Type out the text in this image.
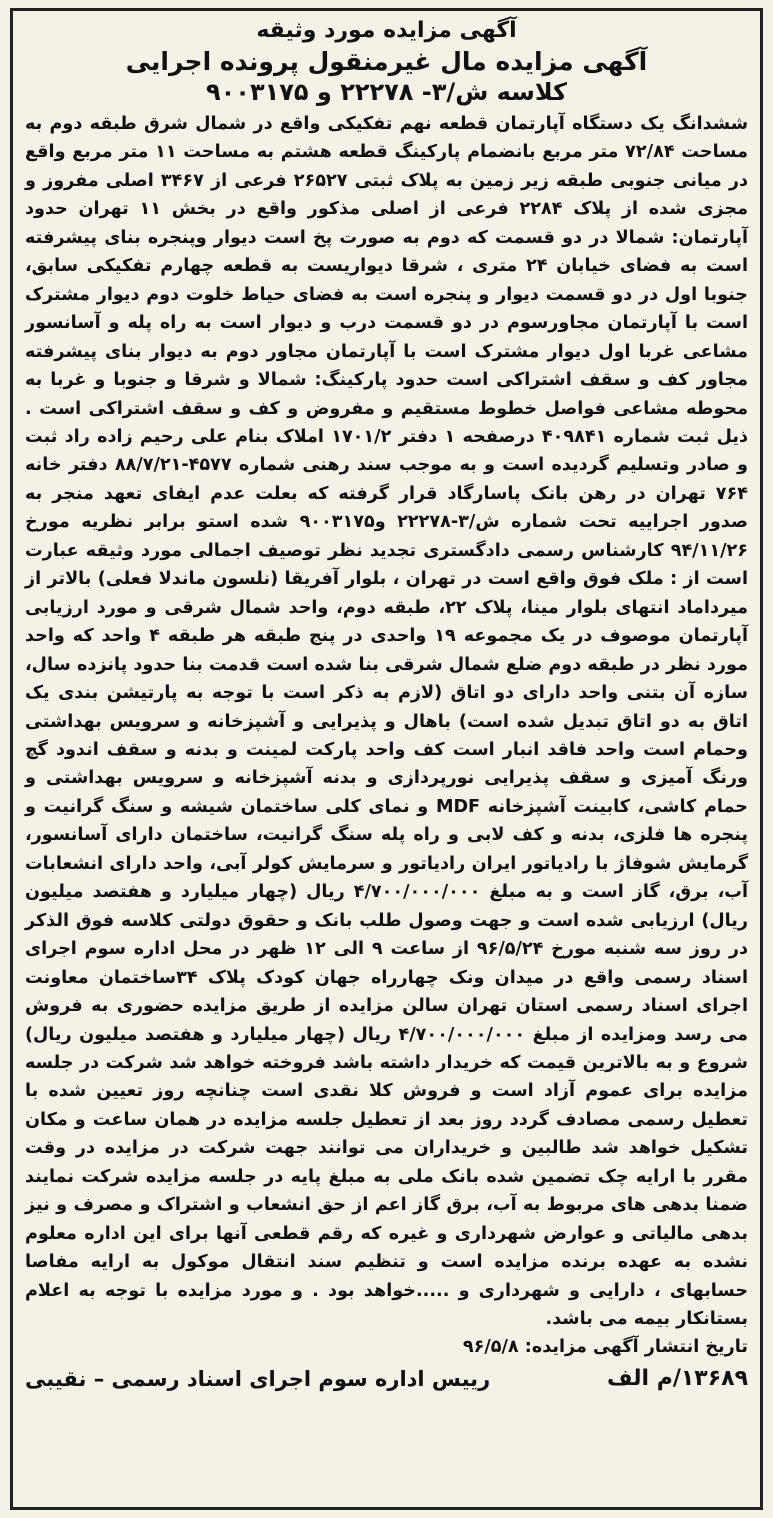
آگهی مزایده مورد وثیقه
آگهی مزایده مال غیرمنقول پرونده اجرایی
کلاسه ش/۳- ۲۲۲۷۸ و ۹۰۰۳۱۷۵
ششدانگ یک دستگاه آپارتمان قطعه نهم تفکیکی واقع در شمال شرق طبقه دوم به مساحت ۷۲/۸۴ متر مربع بانضمام پارکینگ قطعه هشتم به مساحت ۱۱ متر مربع واقع در میانی جنوبی طبقه زیر زمین به پلاک ثبتی ۲۶۵۲۷ فرعی از ۳۴۶۷ اصلی مفروز و مجزی شده از پلاک ۲۲۸۴ فرعی از اصلی مذکور واقع در بخش ۱۱ تهران حدود آپارتمان: شمالا در دو قسمت که دوم به صورت پخ است دیوار وپنجره بنای پیشرفته است به فضای خیابان ۲۴ متری ، شرقا دیواریست به قطعه چهارم تفکیکی سابق، جنوبا اول در دو قسمت دیوار و پنجره است به فضای حیاط خلوت دوم دیوار مشترک است با آپارتمان مجاورسوم در دو قسمت درب و دیوار است به راه پله و آسانسور مشاعی غربا اول دیوار مشترک است با آپارتمان مجاور دوم به دیوار بنای پیشرفته مجاور کف و سقف اشتراکی است حدود پارکینگ: شمالا و شرقا و جنوبا و غربا به محوطه مشاعی فواصل خطوط مستقیم و مفروض و کف و سقف اشتراکی است . ذیل ثبت شماره ۴۰۹۸۴۱ درصفحه ۱ دفتر ۱۷۰۱/۲ املاک بنام علی رحیم زاده راد ثبت و صادر وتسلیم گردیده است و به موجب سند رهنی شماره ۴۵۷۷-۸۸/۷/۲۱ دفتر خانه ۷۶۴ تهران در رهن بانک پاسارگاد قرار گرفته که بعلت عدم ایفای تعهد منجر به صدور اجراییه تحت شماره ش/۳-۲۲۲۷۸ و۹۰۰۳۱۷۵ شده استو برابر نظریه مورخ ۹۴/۱۱/۲۶ کارشناس رسمی دادگستری تجدید نظر توصیف اجمالی مورد وثیقه عبارت است از : ملک فوق واقع است در تهران ، بلوار آفریقا (نلسون ماندلا فعلی) بالاتر از میرداماد انتهای بلوار مینا، پلاک ۲۲، طبقه دوم، واحد شمال شرقی و مورد ارزیابی آپارتمان موصوف در یک مجموعه ۱۹ واحدی در پنج طبقه هر طبقه ۴ واحد که واحد مورد نظر در طبقه دوم ضلع شمال شرقی بنا شده است قدمت بنا حدود پانزده سال، سازه آن بتنی واحد دارای دو اتاق (لازم به ذکر است با توجه به پارتیشن بندی یک اتاق به دو اتاق تبدیل شده است) باهال و پذیرایی و آشپزخانه و سرویس بهداشتی وحمام است واحد فاقد انبار است کف واحد پارکت لمینت و بدنه و سقف اندود گچ ورنگ آمیزی و سقف پذیرایی نورپردازی و بدنه آشپزخانه و سرویس بهداشتی و حمام کاشی، کابینت آشپزخانه MDF و نمای کلی ساختمان شیشه و سنگ گرانیت و پنجره ها فلزی، بدنه و کف لابی و راه پله سنگ گرانیت، ساختمان دارای آسانسور، گرمایش شوفاژ با رادیاتور ایران رادیاتور و سرمایش کولر آبی، واحد دارای انشعابات آب، برق، گاز است و به مبلغ ۴/۷۰۰/۰۰۰/۰۰۰ ریال (چهار میلیارد و هفتصد میلیون ریال) ارزیابی شده است و جهت وصول طلب بانک و حقوق دولتی کلاسه فوق الذکر در روز سه شنبه مورخ ۹۶/۵/۲۴ از ساعت ۹ الی ۱۲ ظهر در محل اداره سوم اجرای اسناد رسمی واقع در میدان ونک چهارراه جهان کودک پلاک ۳۴ساختمان معاونت اجرای اسناد رسمی استان تهران سالن مزایده از طریق مزایده حضوری به فروش می رسد ومزایده از مبلغ ۴/۷۰۰/۰۰۰/۰۰۰ ریال (چهار میلیارد و هفتصد میلیون ریال) شروع و به بالاترین قیمت که خریدار داشته باشد فروخته خواهد شد شرکت در جلسه مزایده برای عموم آزاد است و فروش کلا نقدی است چنانچه روز تعیین شده با تعطیل رسمی مصادف گردد روز بعد از تعطیل جلسه مزایده در همان ساعت و مکان تشکیل خواهد شد طالبین و خریداران می توانند جهت شرکت در مزایده در وقت مقرر با ارایه چک تضمین شده بانک ملی به مبلغ پایه در جلسه مزایده شرکت نمایند ضمنا بدهی های مربوط به آب، برق گاز اعم از حق انشعاب و اشتراک و مصرف و نیز بدهی مالیاتی و عوارض شهرداری و غیره که رقم قطعی آنها برای این اداره معلوم نشده به عهده برنده مزایده است و تنظیم سند انتقال موکول به ارایه مفاصا حسابهای ، دارایی و شهرداری و .....خواهد بود . و مورد مزایده با توجه به اعلام بستانکار بیمه می باشد.
تاریخ انتشار آگهی مزایده: ۹۶/۵/۸
۱۳۶۸۹/م الف
رییس اداره سوم اجرای اسناد رسمی – نقیبی
